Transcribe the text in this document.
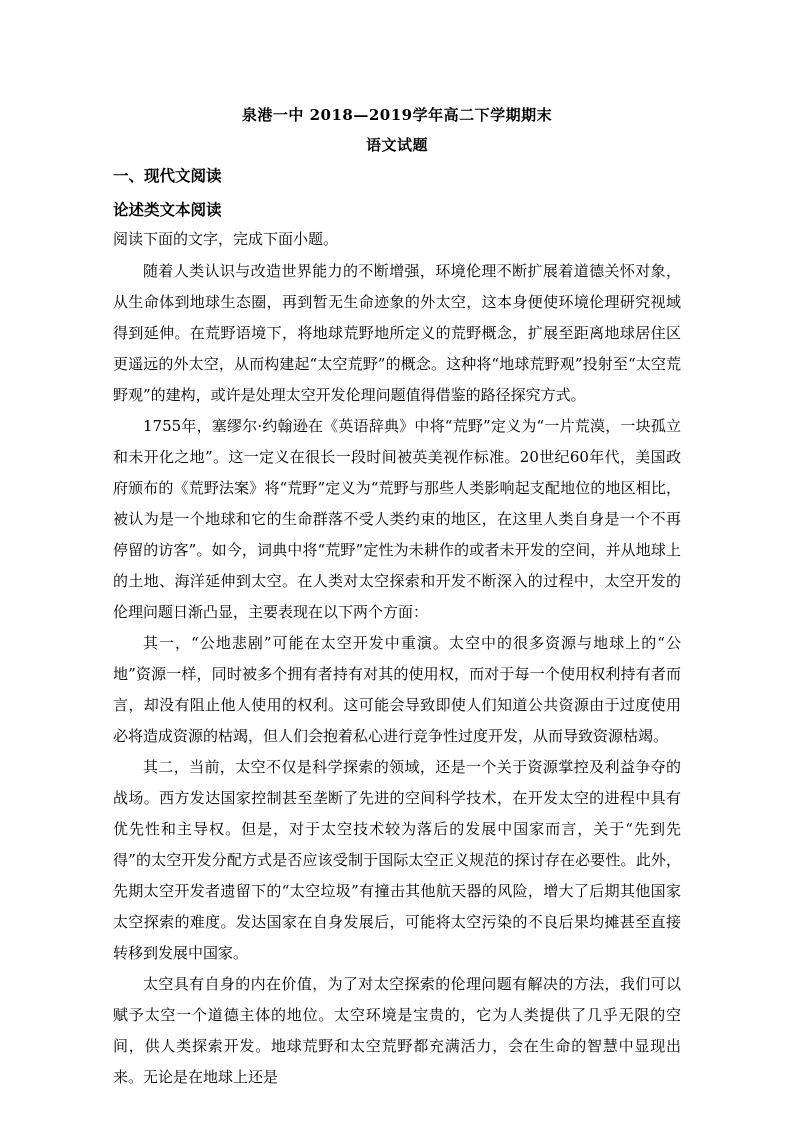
泉港一中 2018—2019学年高二下学期期末
语文试题
一、现代文阅读
论述类文本阅读
阅读下面的文字，完成下面小题。

随着人类认识与改造世界能力的不断增强，环境伦理不断扩展着道德关怀对象，从生命体到地球生态圈，再到暂无生命迹象的外太空，这本身便使环境伦理研究视域得到延伸。在荒野语境下，将地球荒野地所定义的荒野概念，扩展至距离地球居住区更遥远的外太空，从而构建起“太空荒野”的概念。这种将“地球荒野观”投射至“太空荒野观”的建构，或许是处理太空开发伦理问题值得借鉴的路径探究方式。

1755年，塞缪尔·约翰逊在《英语辞典》中将“荒野”定义为“一片荒漠，一块孤立和未开化之地”。这一定义在很长一段时间被英美视作标准。20世纪60年代，美国政府颁布的《荒野法案》将“荒野”定义为“荒野与那些人类影响起支配地位的地区相比，被认为是一个地球和它的生命群落不受人类约束的地区，在这里人类自身是一个不再停留的访客”。如今，词典中将“荒野”定性为未耕作的或者未开发的空间，并从地球上的土地、海洋延伸到太空。在人类对太空探索和开发不断深入的过程中，太空开发的伦理问题日渐凸显，主要表现在以下两个方面：

其一，“公地悲剧”可能在太空开发中重演。太空中的很多资源与地球上的“公地”资源一样，同时被多个拥有者持有对其的使用权，而对于每一个使用权利持有者而言，却没有阻止他人使用的权利。这可能会导致即使人们知道公共资源由于过度使用必将造成资源的枯竭，但人们会抱着私心进行竞争性过度开发，从而导致资源枯竭。

其二，当前，太空不仅是科学探索的领域，还是一个关于资源掌控及利益争夺的战场。西方发达国家控制甚至垄断了先进的空间科学技术，在开发太空的进程中具有优先性和主导权。但是，对于太空技术较为落后的发展中国家而言，关于“先到先得”的太空开发分配方式是否应该受制于国际太空正义规范的探讨存在必要性。此外，先期太空开发者遗留下的“太空垃圾”有撞击其他航天器的风险，增大了后期其他国家太空探索的难度。发达国家在自身发展后，可能将太空污染的不良后果均摊甚至直接转移到发展中国家。

太空具有自身的内在价值，为了对太空探索的伦理问题有解决的方法，我们可以赋予太空一个道德主体的地位。太空环境是宝贵的，它为人类提供了几乎无限的空间，供人类探索开发。地球荒野和太空荒野都充满活力，会在生命的智慧中显现出来。无论是在地球上还是
